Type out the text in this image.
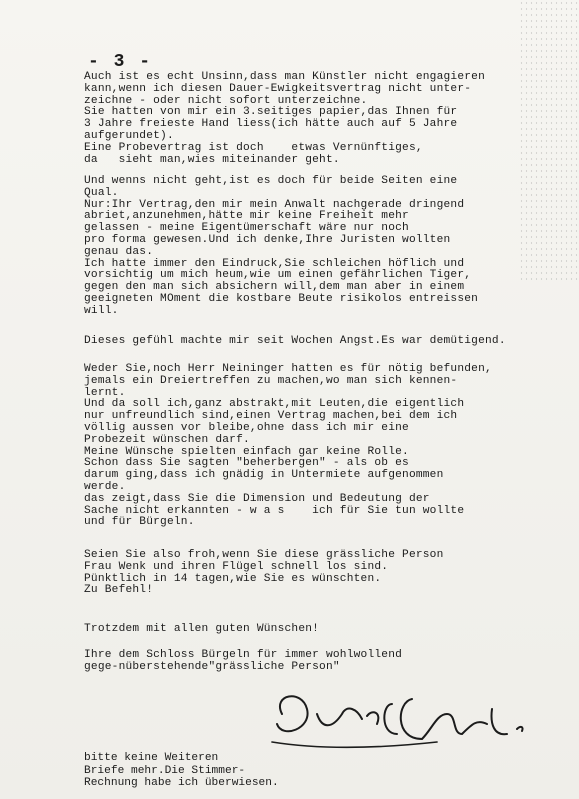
- 3 -
Auch ist es echt Unsinn,dass man Künstler nicht engagieren
kann,wenn ich diesen Dauer-Ewigkeitsvertrag nicht unter-
zeichne - oder nicht sofort unterzeichne.
Sie hatten von mir ein 3.seitiges papier,das Ihnen für
3 Jahre freieste Hand liess(ich hätte auch auf 5 Jahre
aufgerundet).
Eine Probevertrag ist doch    etwas Vernünftiges,
da   sieht man,wies miteinander geht.
Und wenns nicht geht,ist es doch für beide Seiten eine
Qual.
Nur:Ihr Vertrag,den mir mein Anwalt nachgerade dringend
abriet,anzunehmen,hätte mir keine Freiheit mehr
gelassen - meine Eigentümerschaft wäre nur noch
pro forma gewesen.Und ich denke,Ihre Juristen wollten
genau das.
Ich hatte immer den Eindruck,Sie schleichen höflich und
vorsichtig um mich heum,wie um einen gefährlichen Tiger,
gegen den man sich absichern will,dem man aber in einem
geeigneten MOment die kostbare Beute risikolos entreissen
will.
Dieses gefühl machte mir seit Wochen Angst.Es war demütigend.
Weder Sie,noch Herr Neininger hatten es für nötig befunden,
jemals ein Dreiertreffen zu machen,wo man sich kennen-
lernt.
Und da soll ich,ganz abstrakt,mit Leuten,die eigentlich
nur unfreundlich sind,einen Vertrag machen,bei dem ich
völlig aussen vor bleibe,ohne dass ich mir eine
Probezeit wünschen darf.
Meine Wünsche spielten einfach gar keine Rolle.
Schon dass Sie sagten "beherbergen" - als ob es
darum ging,dass ich gnädig in Untermiete aufgenommen
werde.
das zeigt,dass Sie die Dimension und Bedeutung der
Sache nicht erkannten - w a s    ich für Sie tun wollte
und für Bürgeln.
Seien Sie also froh,wenn Sie diese grässliche Person
Frau Wenk und ihren Flügel schnell los sind.
Pünktlich in 14 tagen,wie Sie es wünschten.
Zu Befehl!
Trotzdem mit allen guten Wünschen!
Ihre dem Schloss Bürgeln für immer wohlwollend
gege-nüberstehende"grässliche Person"
bitte keine Weiteren
Briefe mehr.Die Stimmer-
Rechnung habe ich überwiesen.
